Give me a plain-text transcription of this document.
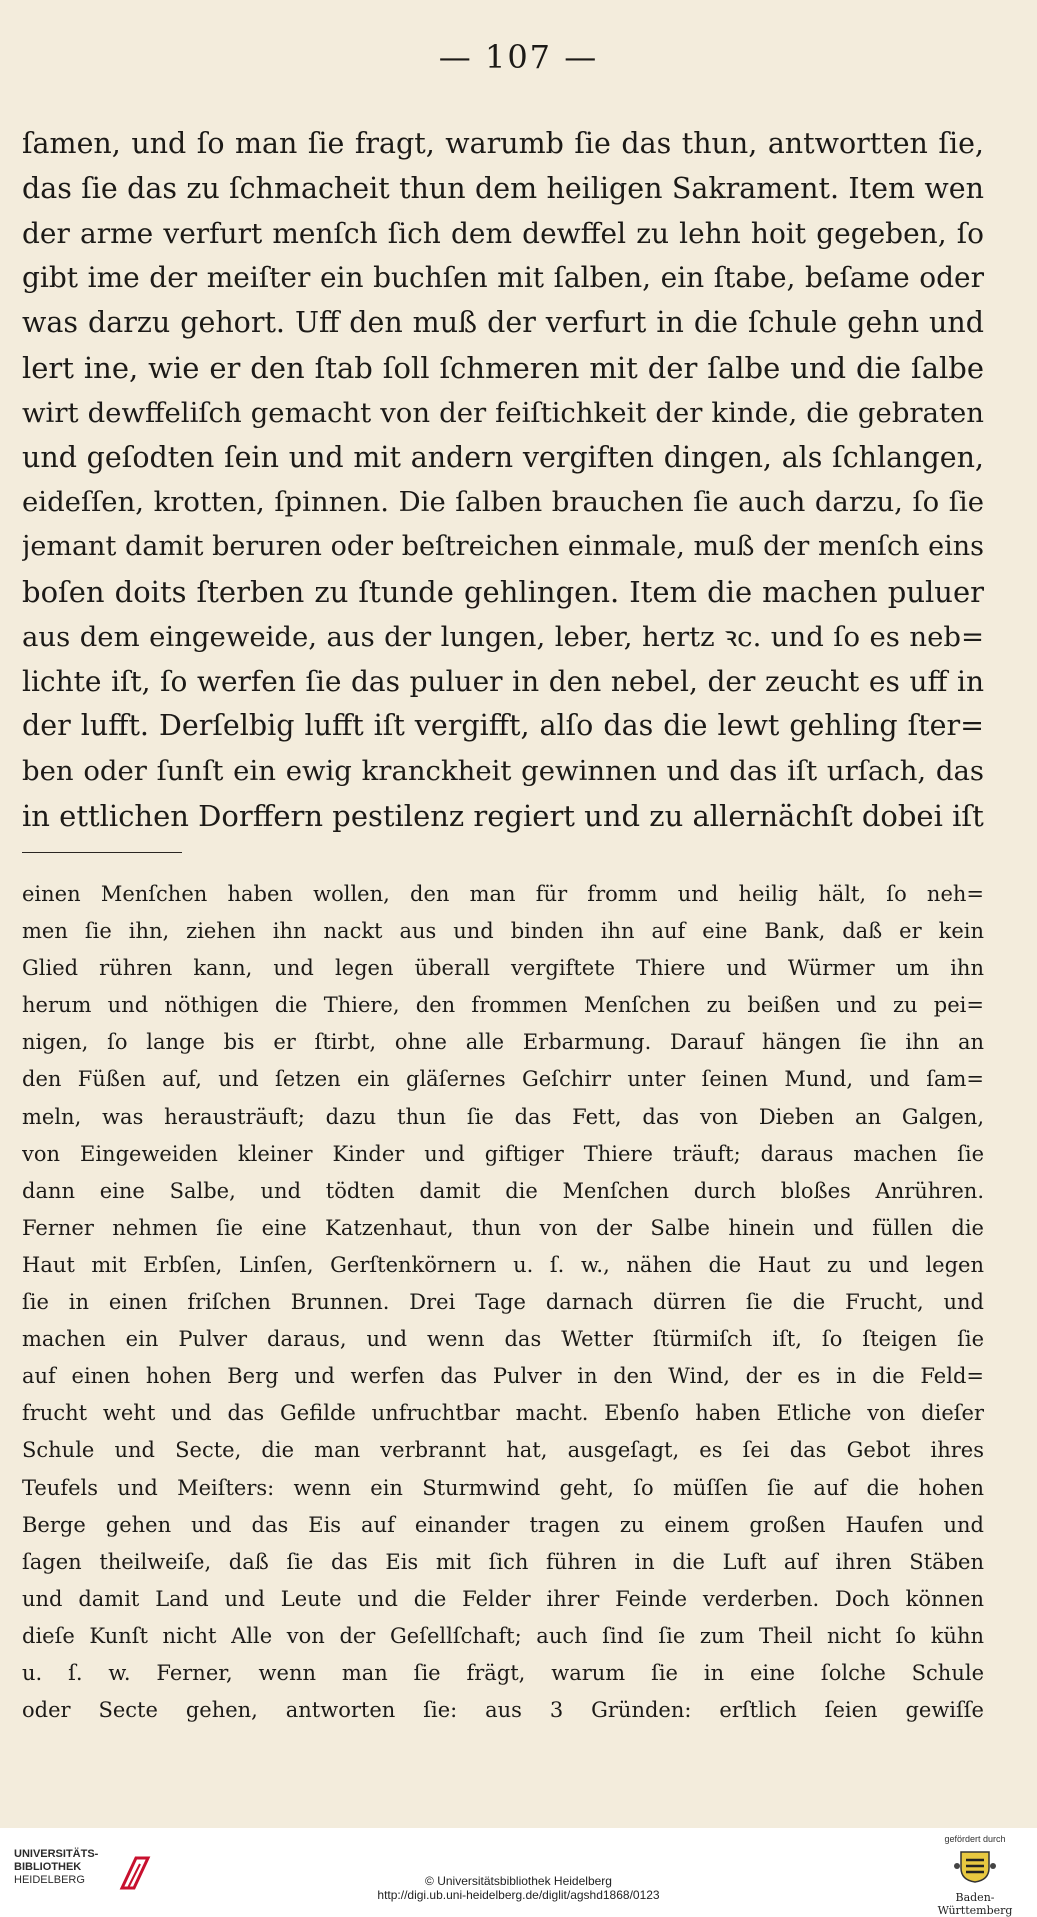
— 107 —
ſamen, und ſo man ſie fragt, warumb ſie das thun, antwortten ſie,
das ſie das zu ſchmacheit thun dem heiligen Sakrament. Item wen
der arme verfurt menſch ſich dem dewffel zu lehn hoit gegeben, ſo
gibt ime der meiſter ein buchſen mit ſalben, ein ſtabe, beſame oder
was darzu gehort. Uff den muß der verfurt in die ſchule gehn und
lert ine, wie er den ſtab ſoll ſchmeren mit der ſalbe und die ſalbe
wirt dewffeliſch gemacht von der feiſtichkeit der kinde, die gebraten
und geſodten ſein und mit andern vergiften dingen, als ſchlangen,
eideſſen, krotten, ſpinnen. Die ſalben brauchen ſie auch darzu, ſo ſie
jemant damit beruren oder beſtreichen einmale, muß der menſch eins
boſen doits ſterben zu ſtunde gehlingen. Item die machen puluer
aus dem eingeweide, aus der lungen, leber, hertz ꝛc. und ſo es neb=
lichte iſt, ſo werfen ſie das puluer in den nebel, der zeucht es uff in
der lufft. Derſelbig lufft iſt vergifft, alſo das die lewt gehling ſter=
ben oder ſunſt ein ewig kranckheit gewinnen und das iſt urſach, das
in ettlichen Dorffern pestilenz regiert und zu allernächſt dobei iſt
einen Menſchen haben wollen, den man für fromm und heilig hält, ſo neh=
men ſie ihn, ziehen ihn nackt aus und binden ihn auf eine Bank, daß er kein
Glied rühren kann, und legen überall vergiftete Thiere und Würmer um ihn
herum und nöthigen die Thiere, den frommen Menſchen zu beißen und zu pei=
nigen, ſo lange bis er ſtirbt, ohne alle Erbarmung. Darauf hängen ſie ihn an
den Füßen auf, und ſetzen ein gläſernes Geſchirr unter ſeinen Mund, und ſam=
meln, was herausträuft; dazu thun ſie das Fett, das von Dieben an Galgen,
von Eingeweiden kleiner Kinder und giftiger Thiere träuft; daraus machen ſie
dann eine Salbe, und tödten damit die Menſchen durch bloßes Anrühren.
Ferner nehmen ſie eine Katzenhaut, thun von der Salbe hinein und füllen die
Haut mit Erbſen, Linſen, Gerſtenkörnern u. ſ. w., nähen die Haut zu und legen
ſie in einen friſchen Brunnen. Drei Tage darnach dürren ſie die Frucht, und
machen ein Pulver daraus, und wenn das Wetter ſtürmiſch iſt, ſo ſteigen ſie
auf einen hohen Berg und werfen das Pulver in den Wind, der es in die Feld=
frucht weht und das Gefilde unfruchtbar macht. Ebenſo haben Etliche von dieſer
Schule und Secte, die man verbrannt hat, ausgeſagt, es ſei das Gebot ihres
Teufels und Meiſters: wenn ein Sturmwind geht, ſo müſſen ſie auf die hohen
Berge gehen und das Eis auf einander tragen zu einem großen Haufen und
ſagen theilweiſe, daß ſie das Eis mit ſich führen in die Luft auf ihren Stäben
und damit Land und Leute und die Felder ihrer Feinde verderben. Doch können
dieſe Kunſt nicht Alle von der Geſellſchaft; auch ſind ſie zum Theil nicht ſo kühn
u. ſ. w. Ferner, wenn man ſie frägt, warum ſie in eine ſolche Schule
oder Secte gehen, antworten ſie: aus 3 Gründen: erſtlich ſeien gewiſſe
UNIVERSITÄTS-
BIBLIOTHEK
HEIDELBERG	© Universitätsbibliothek Heidelberg
http://digi.ub.uni-heidelberg.de/diglit/agshd1868/0123
gefördert durch
Baden-Württemberg
